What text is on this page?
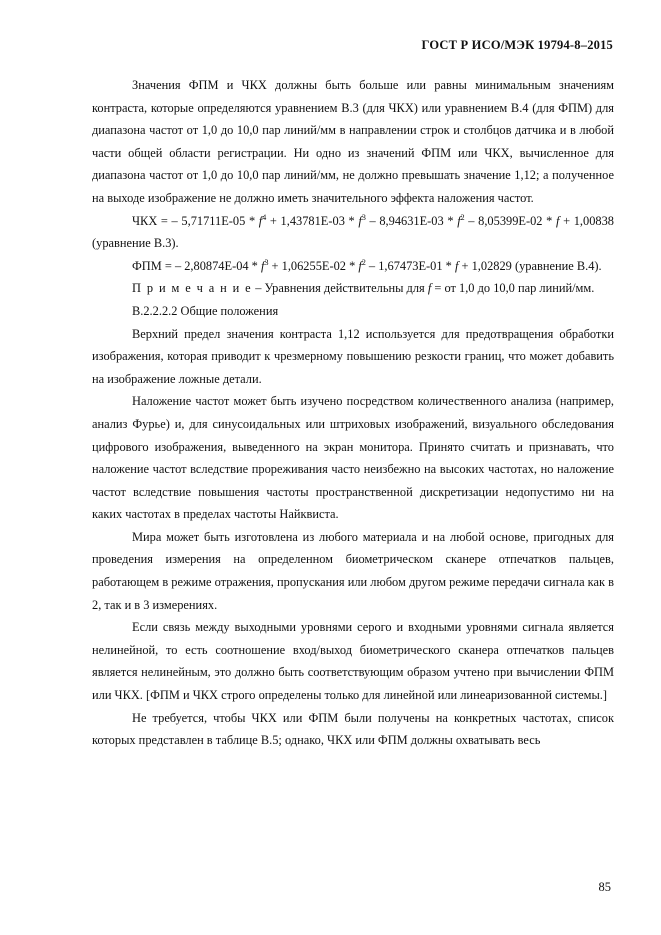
ГОСТ Р ИСО/МЭК 19794-8–2015

Значения ФПМ и ЧКХ должны быть больше или равны минимальным значениям контраста, которые определяются уравнением В.3 (для ЧКХ) или уравнением В.4 (для ФПМ) для диапазона частот от 1,0 до 10,0 пар линий/мм в направлении строк и столбцов датчика и в любой части общей области регистрации. Ни одно из значений ФПМ или ЧКХ, вычисленное для диапазона частот от 1,0 до 10,0 пар линий/мм, не должно превышать значение 1,12; а полученное на выходе изображение не должно иметь значительного эффекта наложения частот.

ЧКХ = – $5,71711E-05 * f^4 + 1,43781E-03 * f^3 - 8,94631E-03 * f^2 - 8,05399E-02 * f + 1,00838$ (уравнение В.3).

ФПМ = – $2,80874E-04 * f^3 + 1,06255E-02 * f^2 - 1,67473E-01 * f + 1,02829$ (уравнение В.4).

П р и м е ч а н и е – Уравнения действительны для f = от 1,0 до 10,0 пар линий/мм.

В.2.2.2.2 Общие положения

Верхний предел значения контраста 1,12 используется для предотвращения обработки изображения, которая приводит к чрезмерному повышению резкости границ, что может добавить на изображение ложные детали.

Наложение частот может быть изучено посредством количественного анализа (например, анализ Фурье) и, для синусоидальных или штриховых изображений, визуального обследования цифрового изображения, выведенного на экран монитора. Принято считать и признавать, что наложение частот вследствие прореживания часто неизбежно на высоких частотах, но наложение частот вследствие повышения частоты пространственной дискретизации недопустимо ни на каких частотах в пределах частоты Найквиста.

Мира может быть изготовлена из любого материала и на любой основе, пригодных для проведения измерения на определенном биометрическом сканере отпечатков пальцев, работающем в режиме отражения, пропускания или любом другом режиме передачи сигнала как в 2, так и в 3 измерениях.

Если связь между выходными уровнями серого и входными уровнями сигнала является нелинейной, то есть соотношение вход/выход биометрического сканера отпечатков пальцев является нелинейным, это должно быть соответствующим образом учтено при вычислении ФПМ или ЧКХ. [ФПМ и ЧКХ строго определены только для линейной или линеаризованной системы.]

Не требуется, чтобы ЧКХ или ФПМ были получены на конкретных частотах, список которых представлен в таблице В.5; однако, ЧКХ или ФПМ должны охватывать весь

85
